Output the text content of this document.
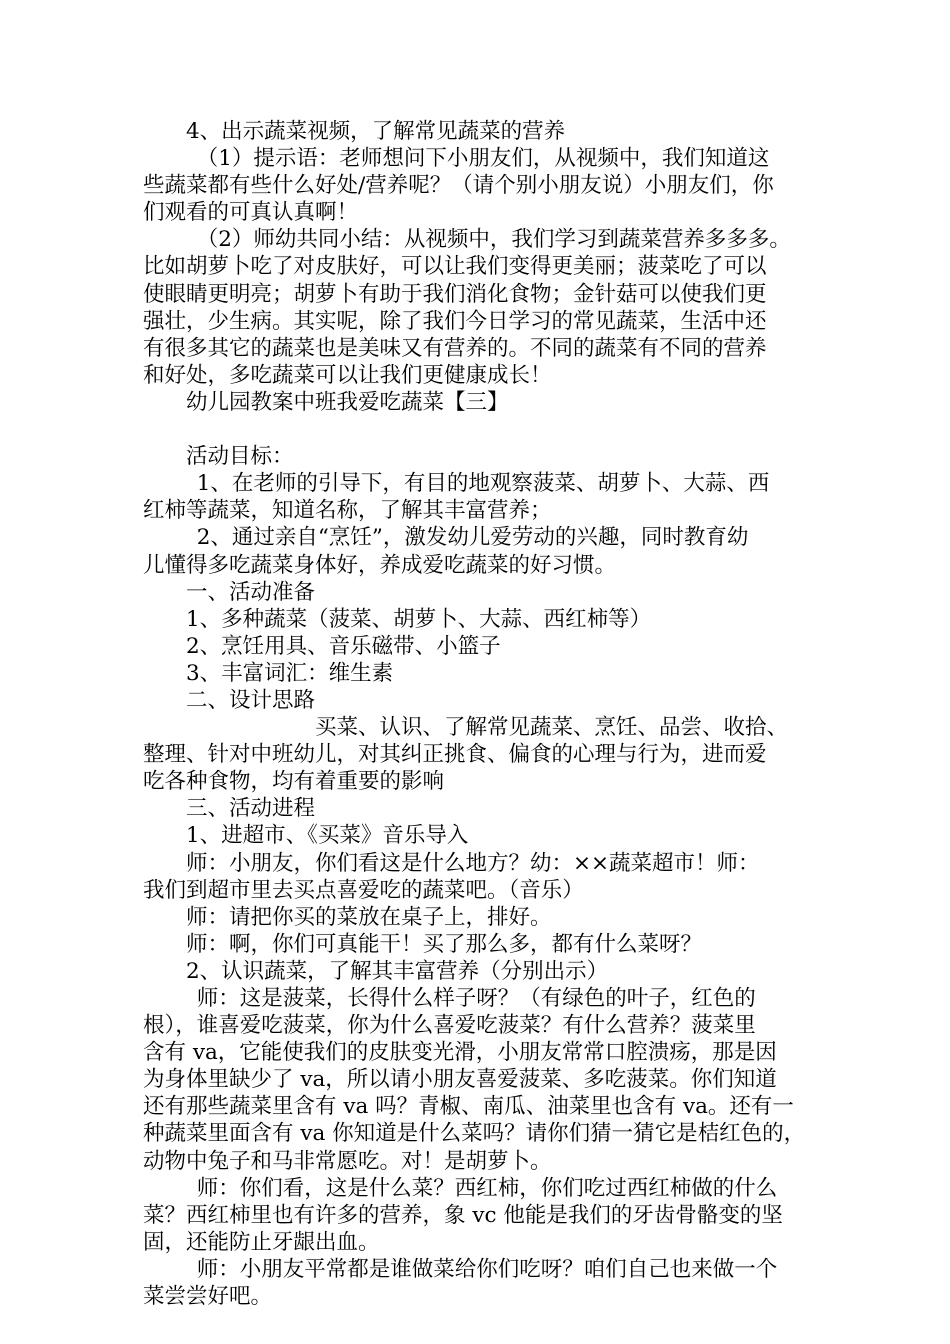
4、出示蔬菜视频，了解常见蔬菜的营养
（1）提示语：老师想问下小朋友们，从视频中，我们知道这
些蔬菜都有些什么好处/营养呢？（请个别小朋友说）小朋友们，你
们观看的可真认真啊！
（2）师幼共同小结：从视频中，我们学习到蔬菜营养多多多。
比如胡萝卜吃了对皮肤好，可以让我们变得更美丽；菠菜吃了可以
使眼睛更明亮；胡萝卜有助于我们消化食物；金针菇可以使我们更
强壮，少生病。其实呢，除了我们今日学习的常见蔬菜，生活中还
有很多其它的蔬菜也是美味又有营养的。不同的蔬菜有不同的营养
和好处，多吃蔬菜可以让我们更健康成长！
幼儿园教案中班我爱吃蔬菜【三】
活动目标：
1、在老师的引导下，有目的地观察菠菜、胡萝卜、大蒜、西
红柿等蔬菜，知道名称，了解其丰富营养；
2、通过亲自“烹饪”，激发幼儿爱劳动的兴趣，同时教育幼
儿懂得多吃蔬菜身体好，养成爱吃蔬菜的好习惯。
一、活动准备
1、多种蔬菜（菠菜、胡萝卜、大蒜、西红柿等）
2、烹饪用具、音乐磁带、小篮子
3、丰富词汇：维生素
二、设计思路
买菜、认识、了解常见蔬菜、烹饪、品尝、收拾、
整理、针对中班幼儿，对其纠正挑食、偏食的心理与行为，进而爱
吃各种食物，均有着重要的影响
三、活动进程
1、进超市、《买菜》音乐导入
师：小朋友，你们看这是什么地方？幼：××蔬菜超市！师：
我们到超市里去买点喜爱吃的蔬菜吧。（音乐）
师：请把你买的菜放在桌子上，排好。
师：啊，你们可真能干！买了那么多，都有什么菜呀？
2、认识蔬菜，了解其丰富营养（分别出示）
师：这是菠菜，长得什么样子呀？（有绿色的叶子，红色的
根），谁喜爱吃菠菜，你为什么喜爱吃菠菜？有什么营养？菠菜里
含有 va，它能使我们的皮肤变光滑，小朋友常常口腔溃疡，那是因
为身体里缺少了 va，所以请小朋友喜爱菠菜、多吃菠菜。你们知道
还有那些蔬菜里含有 va 吗？青椒、南瓜、油菜里也含有 va。还有一
种蔬菜里面含有 va 你知道是什么菜吗？请你们猜一猜它是桔红色的，
动物中兔子和马非常愿吃。对！是胡萝卜。
师：你们看，这是什么菜？西红柿，你们吃过西红柿做的什么
菜？西红柿里也有许多的营养，象 vc 他能是我们的牙齿骨骼变的坚
固，还能防止牙龈出血。
师：小朋友平常都是谁做菜给你们吃呀？咱们自己也来做一个
菜尝尝好吧。
